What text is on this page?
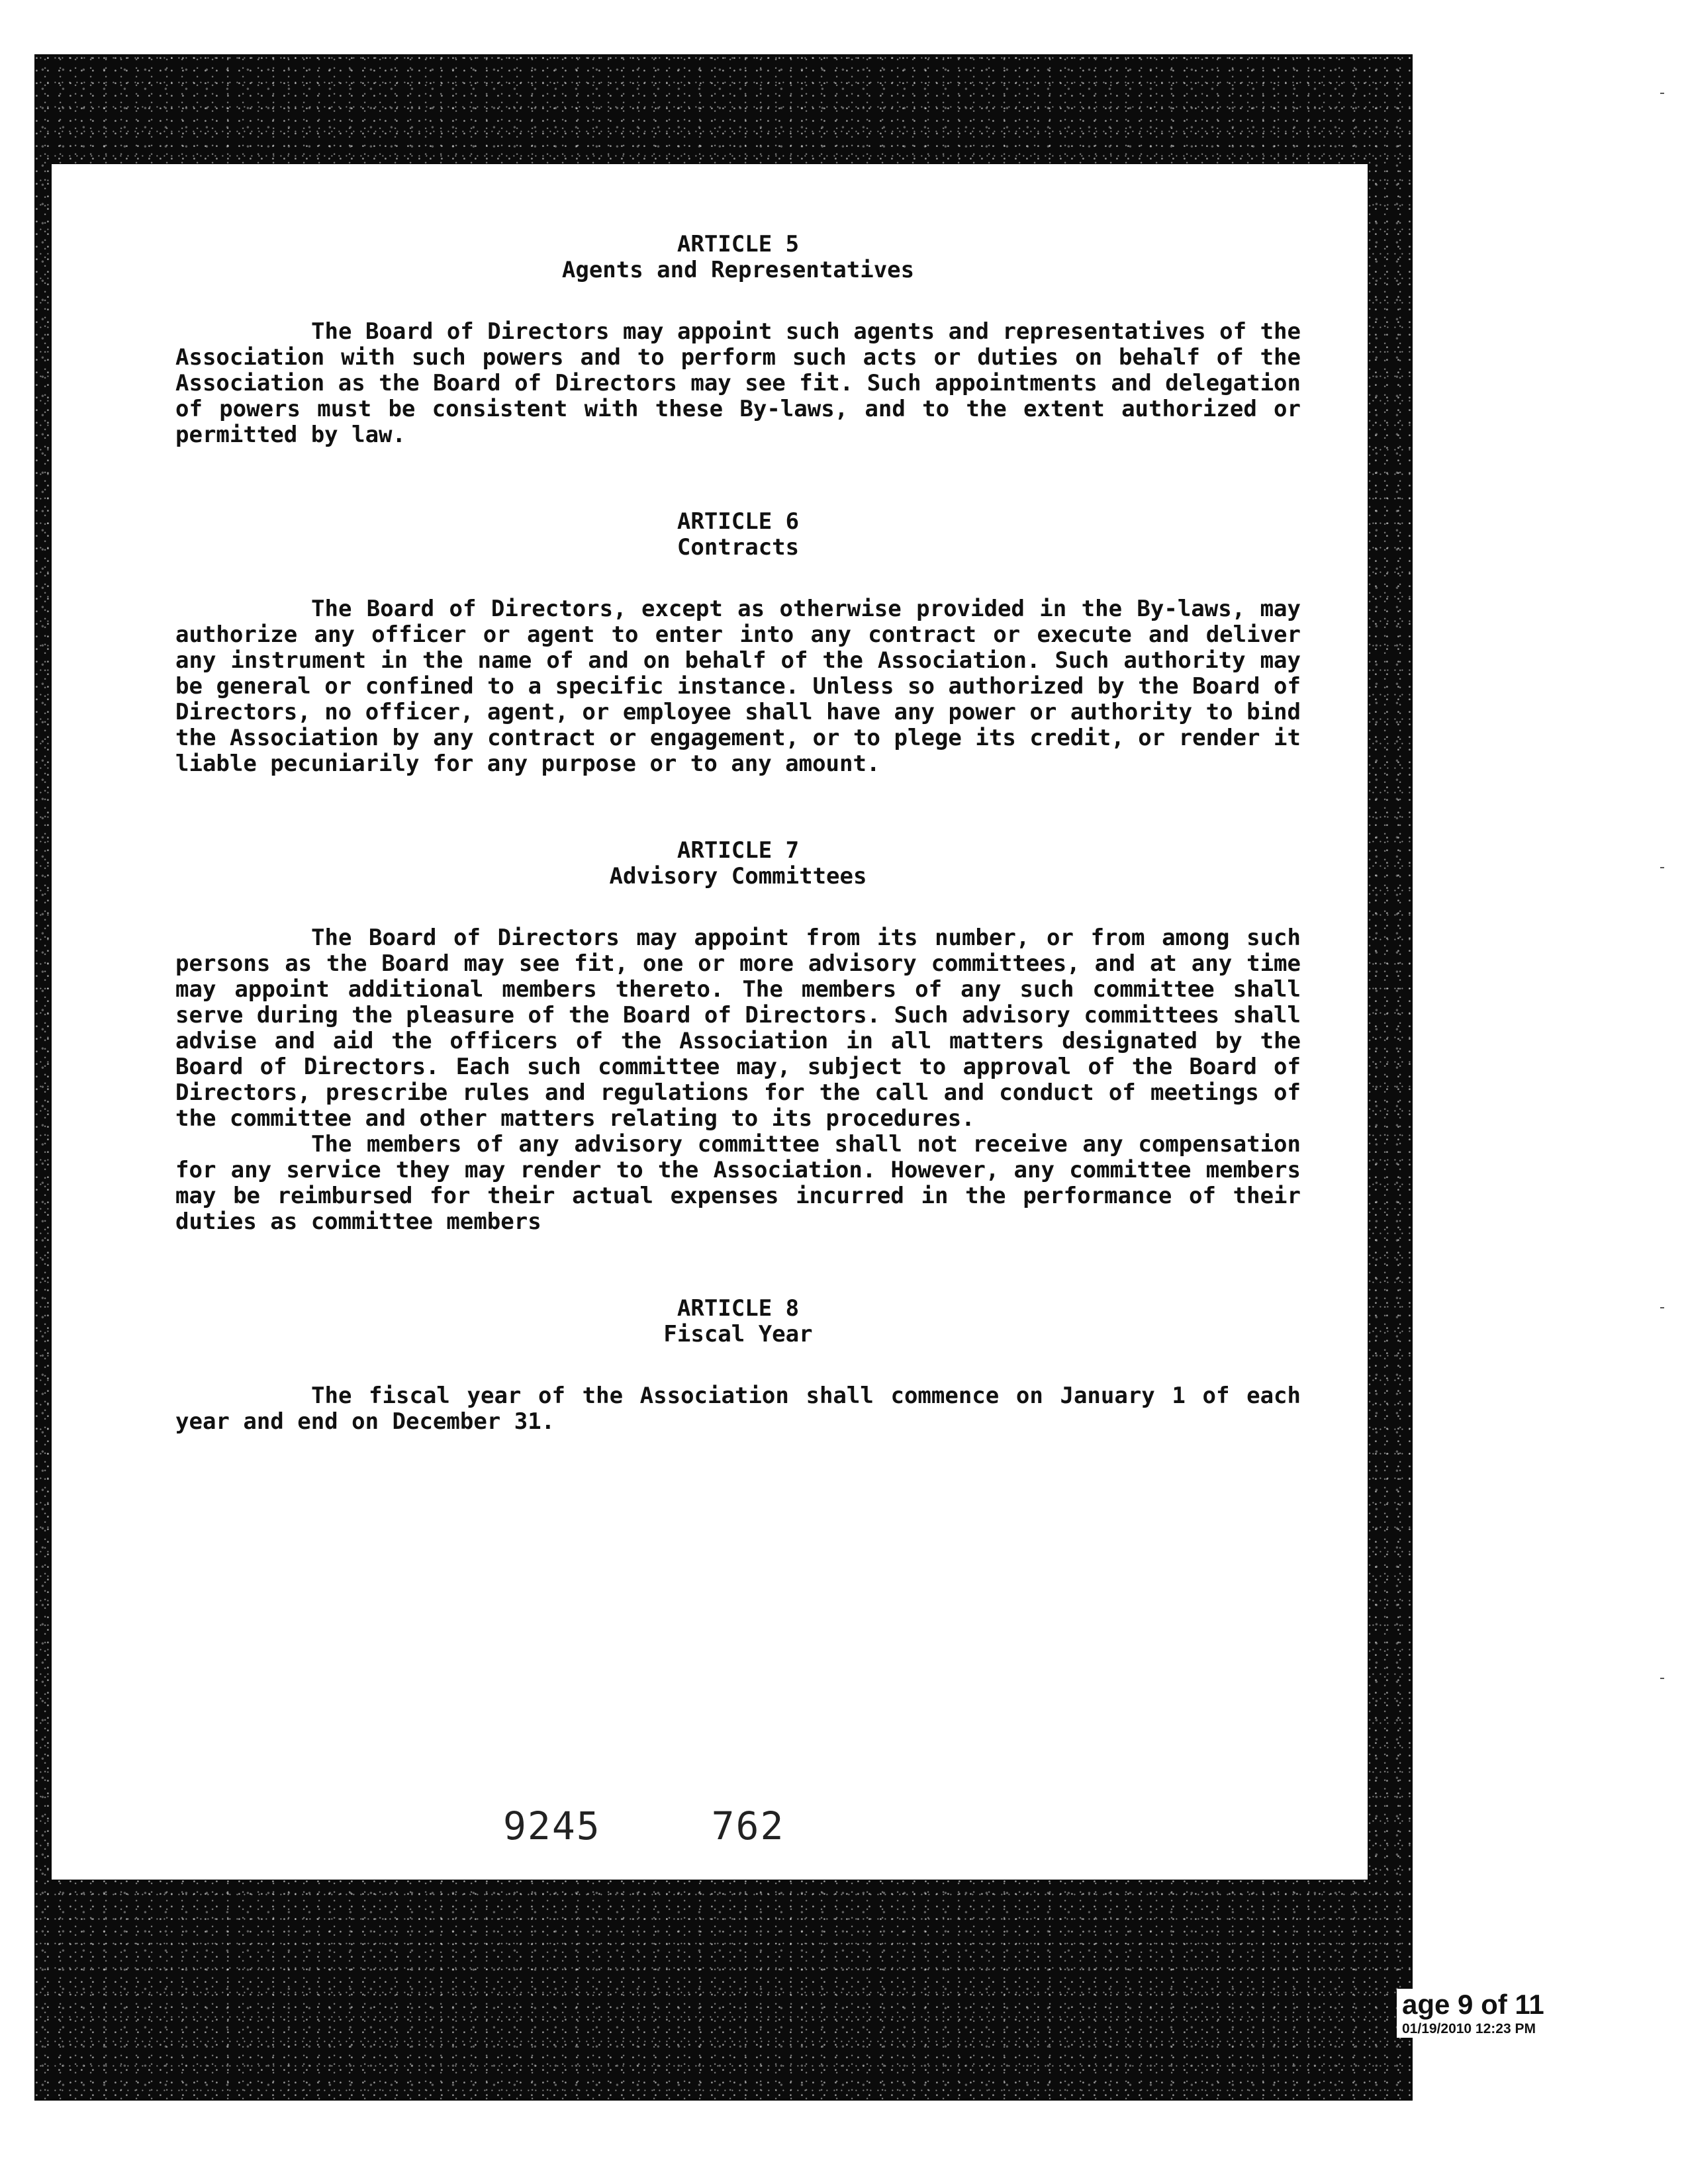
ARTICLE 5
Agents and Representatives

The Board of Directors may appoint such agents and representatives of the Association with such powers and to perform such acts or duties on behalf of the Association as the Board of Directors may see fit. Such appointments and delegation of powers must be consistent with these By-laws, and to the extent authorized or permitted by law.

ARTICLE 6
Contracts

The Board of Directors, except as otherwise provided in the By-laws, may authorize any officer or agent to enter into any contract or execute and deliver any instrument in the name of and on behalf of the Association. Such authority may be general or confined to a specific instance. Unless so authorized by the Board of Directors, no officer, agent, or employee shall have any power or authority to bind the Association by any contract or engagement, or to plege its credit, or render it liable pecuniarily for any purpose or to any amount.

ARTICLE 7
Advisory Committees

The Board of Directors may appoint from its number, or from among such persons as the Board may see fit, one or more advisory committees, and at any time may appoint additional members thereto. The members of any such committee shall serve during the pleasure of the Board of Directors. Such advisory committees shall advise and aid the officers of the Association in all matters designated by the Board of Directors. Each such committee may, subject to approval of the Board of Directors, prescribe rules and regulations for the call and conduct of meetings of the committee and other matters relating to its procedures.

The members of any advisory committee shall not receive any compensation for any service they may render to the Association. However, any committee members may be reimbursed for their actual expenses incurred in the performance of their duties as committee members

ARTICLE 8
Fiscal Year

The fiscal year of the Association shall commence on January 1 of each year and end on December 31.

9245	762
age 9 of 11
01/19/2010 12:23 PM
